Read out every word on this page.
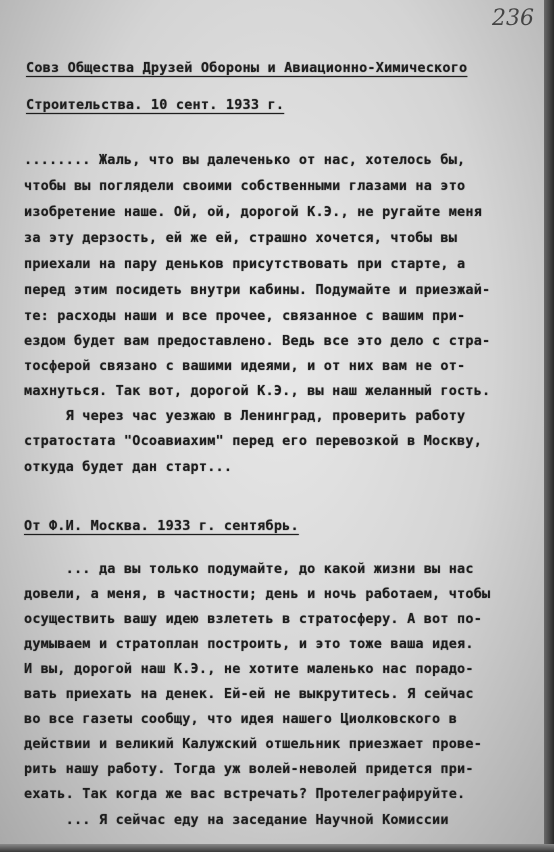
236
Совз Общества Друзей Обороны и Авиационно-Химического
Строительства. 10 сент. 1933 г.
........ Жаль, что вы далеченько от нас, хотелось бы,
чтобы вы поглядели своими собственными глазами на это
изобретение наше. Ой, ой, дорогой К.Э., не ругайте меня
за эту дерзость, ей же ей, страшно хочется, чтобы вы
приехали на пару деньков присутствовать при старте, а
перед этим посидеть внутри кабины. Подумайте и приезжай-
те: расходы наши и все прочее, связанное с вашим при-
ездом будет вам предоставлено. Ведь все это дело с стра-
тосферой связано с вашими идеями, и от них вам не от-
махнуться. Так вот, дорогой К.Э., вы наш желанный гость.
Я через час уезжаю в Ленинград, проверить работу
стратостата "Осоавиахим" перед его перевозкой в Москву,
откуда будет дан старт...
От Ф.И. Москва. 1933 г. сентябрь.
... да вы только подумайте, до какой жизни вы нас
довели, а меня, в частности; день и ночь работаем, чтобы
осуществить вашу идею взлететь в стратосферу. А вот по-
думываем и стратоплан построить, и это тоже ваша идея.
И вы, дорогой наш К.Э., не хотите маленько нас порадо-
вать приехать на денек. Ей-ей не выкрутитесь. Я сейчас
во все газеты сообщу, что идея нашего Циолковского в
действии и великий Калужский отшельник приезжает прове-
рить нашу работу. Тогда уж волей-неволей придется при-
ехать. Так когда же вас встречать? Протелеграфируйте.
... Я сейчас еду на заседание Научной Комиссии
